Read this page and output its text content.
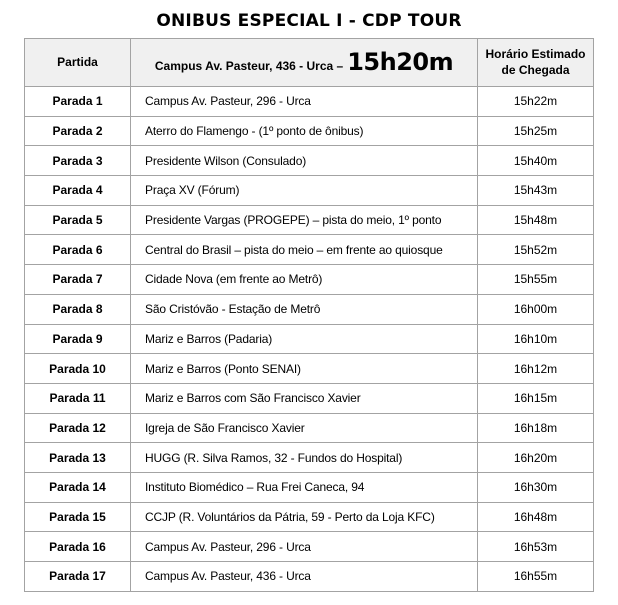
ONIBUS ESPECIAL I - CDP TOUR
Partida	Campus Av. Pasteur, 436 - Urca – 15h20m	Horário Estimado de Chegada
Parada 1	Campus Av. Pasteur, 296 - Urca	15h22m
Parada 2	Aterro do Flamengo - (1º ponto de ônibus)	15h25m
Parada 3	Presidente Wilson (Consulado)	15h40m
Parada 4	Praça XV (Fórum)	15h43m
Parada 5	Presidente Vargas (PROGEPE) – pista do meio, 1º ponto	15h48m
Parada 6	Central do Brasil – pista do meio – em frente ao quiosque	15h52m
Parada 7	Cidade Nova (em frente ao Metrô)	15h55m
Parada 8	São Cristóvão - Estação de Metrô	16h00m
Parada 9	Mariz e Barros (Padaria)	16h10m
Parada 10	Mariz e Barros (Ponto SENAI)	16h12m
Parada 11	Mariz e Barros com São Francisco Xavier	16h15m
Parada 12	Igreja de São Francisco Xavier	16h18m
Parada 13	HUGG (R. Silva Ramos, 32 - Fundos do Hospital)	16h20m
Parada 14	Instituto Biomédico – Rua Frei Caneca, 94	16h30m
Parada 15	CCJP (R. Voluntários da Pátria, 59 - Perto da Loja KFC)	16h48m
Parada 16	Campus Av. Pasteur, 296 - Urca	16h53m
Parada 17	Campus Av. Pasteur, 436 - Urca	16h55m
